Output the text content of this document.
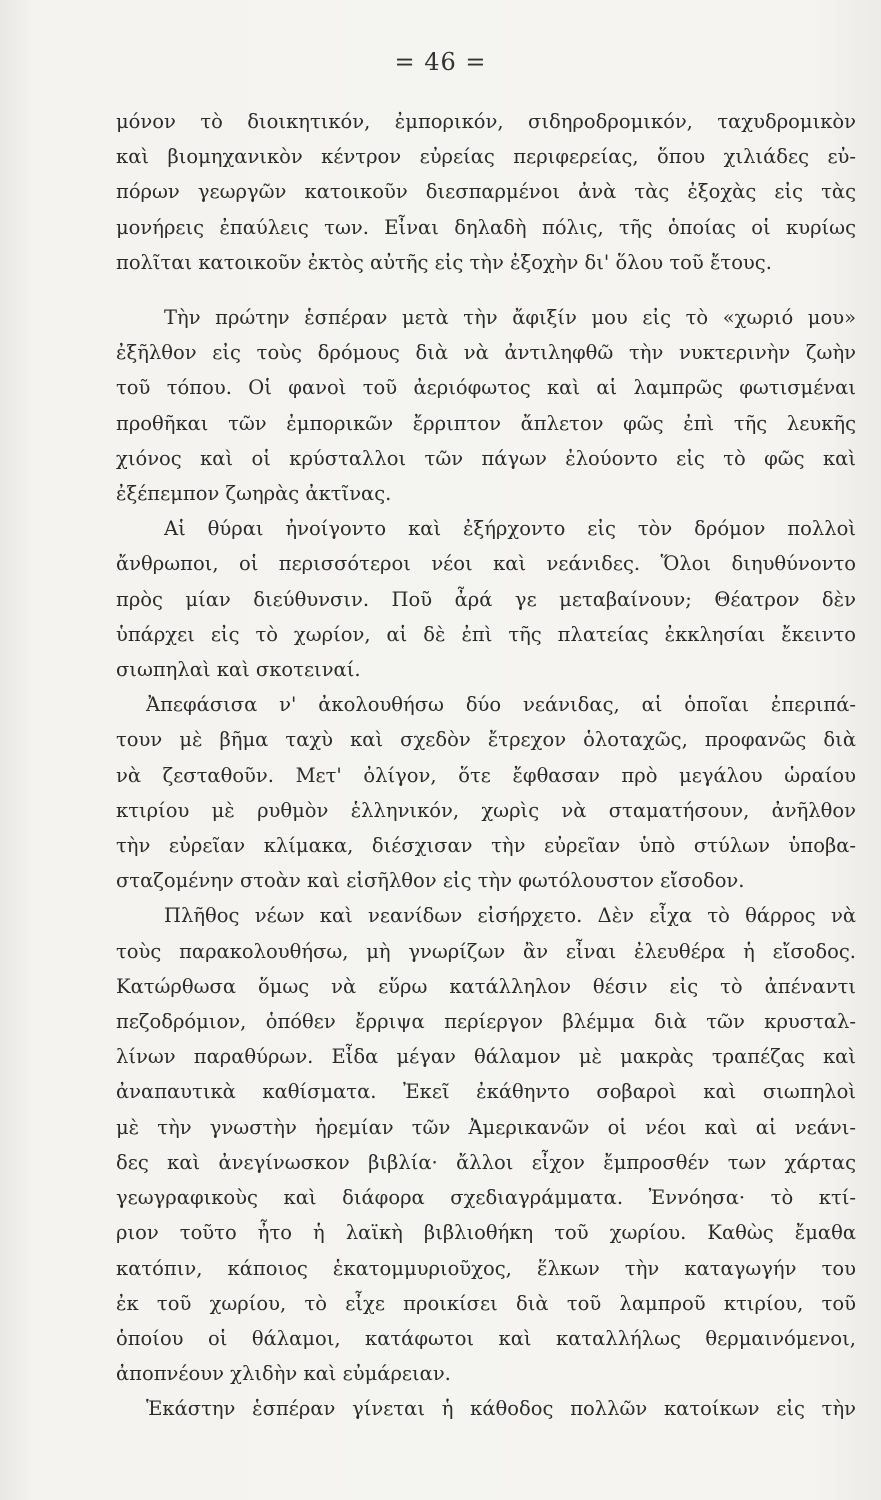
= 46 =
μόνον τὸ διοικητικόν, ἐμπορικόν, σιδηροδρομικόν, ταχυδρομικὸν
καὶ βιομηχανικὸν κέντρον εὐρείας περιφερείας, ὅπου χιλιάδες εὐ-
πόρων γεωργῶν κατοικοῦν διεσπαρμένοι ἀνὰ τὰς ἐξοχὰς εἰς τὰς
μονήρεις ἐπαύλεις των. Εἶναι δηλαδὴ πόλις, τῆς ὁποίας οἱ κυρίως
πολῖται κατοικοῦν ἐκτὸς αὐτῆς εἰς τὴν ἐξοχὴν δι' ὅλου τοῦ ἔτους.
Τὴν πρώτην ἑσπέραν μετὰ τὴν ἄφιξίν μου εἰς τὸ «χωριό μου»
ἐξῆλθον εἰς τοὺς δρόμους διὰ νὰ ἀντιληφθῶ τὴν νυκτερινὴν ζωὴν
τοῦ τόπου. Οἱ φανοὶ τοῦ ἀεριόφωτος καὶ αἱ λαμπρῶς φωτισμέναι
προθῆκαι τῶν ἐμπορικῶν ἔρριπτον ἄπλετον φῶς ἐπὶ τῆς λευκῆς
χιόνος καὶ οἱ κρύσταλλοι τῶν πάγων ἐλούοντο εἰς τὸ φῶς καὶ
ἐξέπεμπον ζωηρὰς ἀκτῖνας.
Αἱ θύραι ἠνοίγοντο καὶ ἐξήρχοντο εἰς τὸν δρόμον πολλοὶ
ἄνθρωποι, οἱ περισσότεροι νέοι καὶ νεάνιδες. Ὅλοι διηυθύνοντο
πρὸς μίαν διεύθυνσιν. Ποῦ ἆρά γε μεταβαίνουν; Θέατρον δὲν
ὑπάρχει εἰς τὸ χωρίον, αἱ δὲ ἐπὶ τῆς πλατείας ἐκκλησίαι ἔκειντο
σιωπηλαὶ καὶ σκοτειναί.
Ἀπεφάσισα ν' ἀκολουθήσω δύο νεάνιδας, αἱ ὁποῖαι ἐπεριπά-
τουν μὲ βῆμα ταχὺ καὶ σχεδὸν ἔτρεχον ὁλοταχῶς, προφανῶς διὰ
νὰ ζεσταθοῦν. Μετ' ὀλίγον, ὅτε ἔφθασαν πρὸ μεγάλου ὡραίου
κτιρίου μὲ ρυθμὸν ἑλληνικόν, χωρὶς νὰ σταματήσουν, ἀνῆλθον
τὴν εὐρεῖαν κλίμακα, διέσχισαν τὴν εὐρεῖαν ὑπὸ στύλων ὑποβα-
σταζομένην στοὰν καὶ εἰσῆλθον εἰς τὴν φωτόλουστον εἴσοδον.
Πλῆθος νέων καὶ νεανίδων εἰσήρχετο. Δὲν εἶχα τὸ θάρρος νὰ
τοὺς παρακολουθήσω, μὴ γνωρίζων ἂν εἶναι ἐλευθέρα ἡ εἴσοδος.
Κατώρθωσα ὅμως νὰ εὕρω κατάλληλον θέσιν εἰς τὸ ἀπέναντι
πεζοδρόμιον, ὁπόθεν ἔρριψα περίεργον βλέμμα διὰ τῶν κρυσταλ-
λίνων παραθύρων. Εἶδα μέγαν θάλαμον μὲ μακρὰς τραπέζας καὶ
ἀναπαυτικὰ καθίσματα. Ἐκεῖ ἐκάθηντο σοβαροὶ καὶ σιωπηλοὶ
μὲ τὴν γνωστὴν ἠρεμίαν τῶν Ἀμερικανῶν οἱ νέοι καὶ αἱ νεάνι-
δες καὶ ἀνεγίνωσκον βιβλία· ἄλλοι εἶχον ἔμπροσθέν των χάρτας
γεωγραφικοὺς καὶ διάφορα σχεδιαγράμματα. Ἐννόησα· τὸ κτί-
ριον τοῦτο ἦτο ἡ λαϊκὴ βιβλιοθήκη τοῦ χωρίου. Καθὼς ἔμαθα
κατόπιν, κάποιος ἑκατομμυριοῦχος, ἕλκων τὴν καταγωγήν του
ἐκ τοῦ χωρίου, τὸ εἶχε προικίσει διὰ τοῦ λαμπροῦ κτιρίου, τοῦ
ὁποίου οἱ θάλαμοι, κατάφωτοι καὶ καταλλήλως θερμαινόμενοι,
ἀποπνέουν χλιδὴν καὶ εὐμάρειαν.
Ἑκάστην ἑσπέραν γίνεται ἡ κάθοδος πολλῶν κατοίκων εἰς τὴν
